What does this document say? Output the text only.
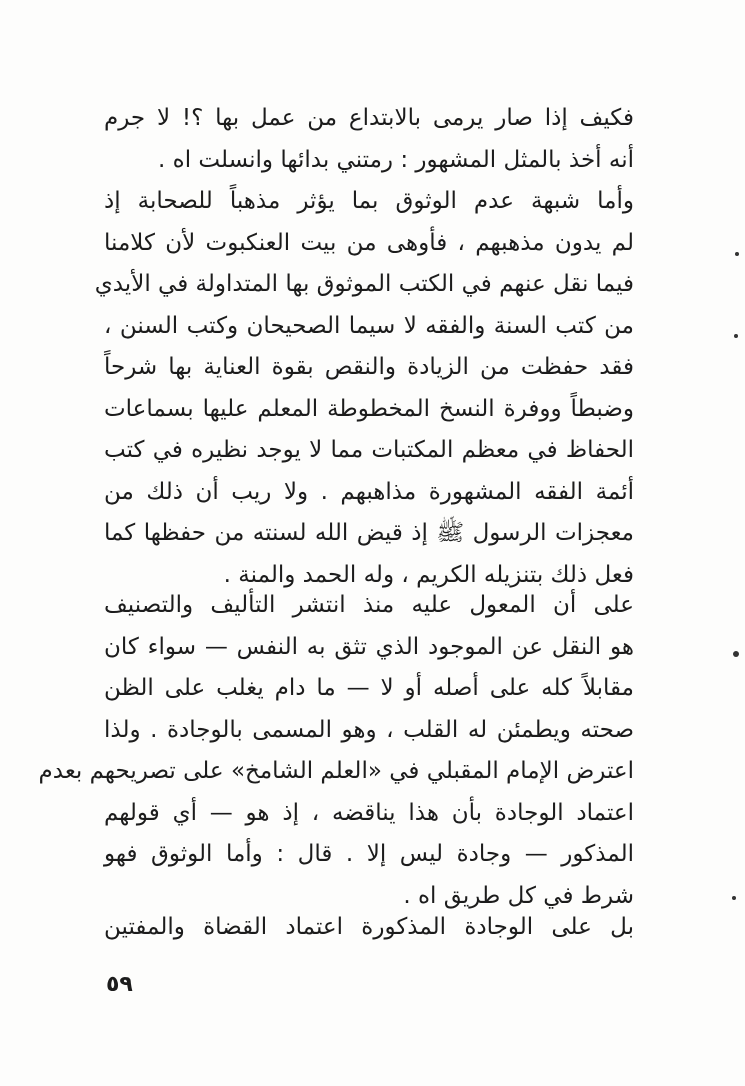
فكيف إذا صار يرمى بالابتداع من عمل بها ؟! لا جرم
أنه أخذ بالمثل المشهور : رمتني بدائها وانسلت اه .
وأما شبهة عدم الوثوق بما يؤثر مذهباً للصحابة إذ
لم يدون مذهبهم ، فأوهى من بيت العنكبوت لأن كلامنا
فيما نقل عنهم في الكتب الموثوق بها المتداولة في الأيدي
من كتب السنة والفقه لا سيما الصحيحان وكتب السنن ،
فقد حفظت من الزيادة والنقص بقوة العناية بها شرحاً
وضبطاً ووفرة النسخ المخطوطة المعلم عليها بسماعات
الحفاظ في معظم المكتبات مما لا يوجد نظيره في كتب
أئمة الفقه المشهورة مذاهبهم . ولا ريب أن ذلك من
معجزات الرسول ﷺ إذ قيض الله لسنته من حفظها كما
فعل ذلك بتنزيله الكريم ، وله الحمد والمنة .
على أن المعول عليه منذ انتشر التأليف والتصنيف
هو النقل عن الموجود الذي تثق به النفس — سواء كان
مقابلاً كله على أصله أو لا — ما دام يغلب على الظن
صحته ويطمئن له القلب ، وهو المسمى بالوجادة . ولذا
اعترض الإمام المقبلي في «العلم الشامخ» على تصريحهم بعدم
اعتماد الوجادة بأن هذا يناقضه ، إذ هو — أي قولهم
المذكور — وجادة ليس إلا . قال : وأما الوثوق فهو
شرط في كل طريق اه .
بل على الوجادة المذكورة اعتماد القضاة والمفتين
٥٩
